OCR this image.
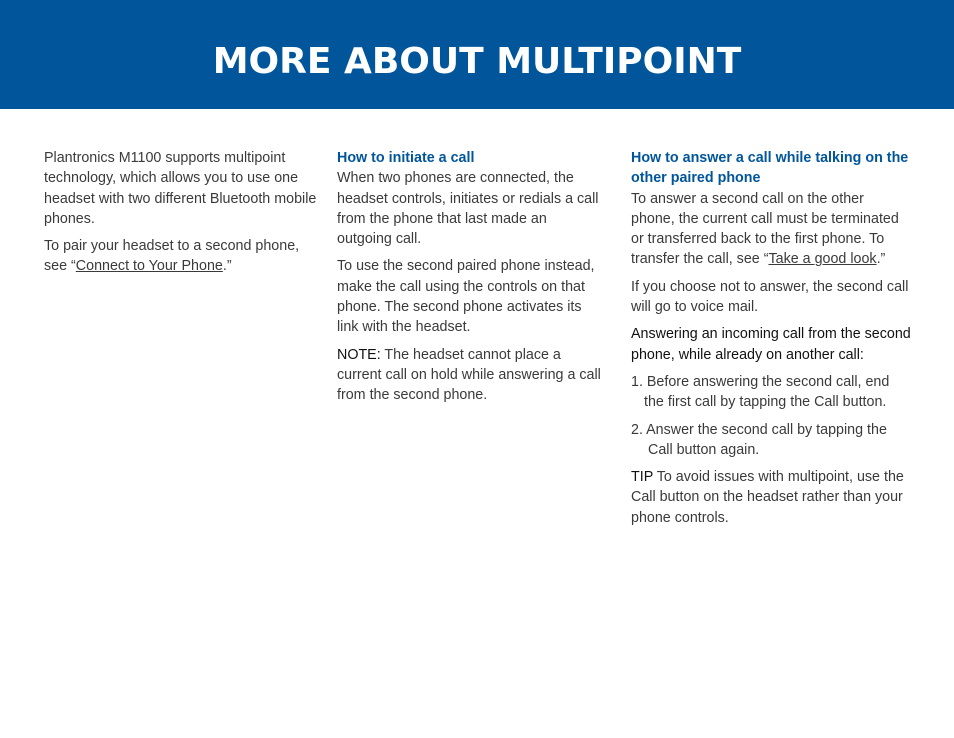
MORE ABOUT MULTIPOINT

Plantronics M1100 supports multipoint technology, which allows you to use one headset with two different Bluetooth mobile phones.

To pair your headset to a second phone, see “Connect to Your Phone.”

How to initiate a call

When two phones are connected, the headset controls, initiates or redials a call from the phone that last made an outgoing call.

To use the second paired phone instead, make the call using the controls on that phone. The second phone activates its link with the headset.

NOTE: The headset cannot place a current call on hold while answering a call from the second phone.

How to answer a call while talking on the other paired phone

To answer a second call on the other phone, the current call must be terminated or transferred back to the first phone. To transfer the call, see “Take a good look.”

If you choose not to answer, the second call will go to voice mail.

Answering an incoming call from the second phone, while already on another call:

1. Before answering the second call, end the first call by tapping the Call button.

2. Answer the second call by tapping the Call button again.

TIP To avoid issues with multipoint, use the Call button on the headset rather than your phone controls.
